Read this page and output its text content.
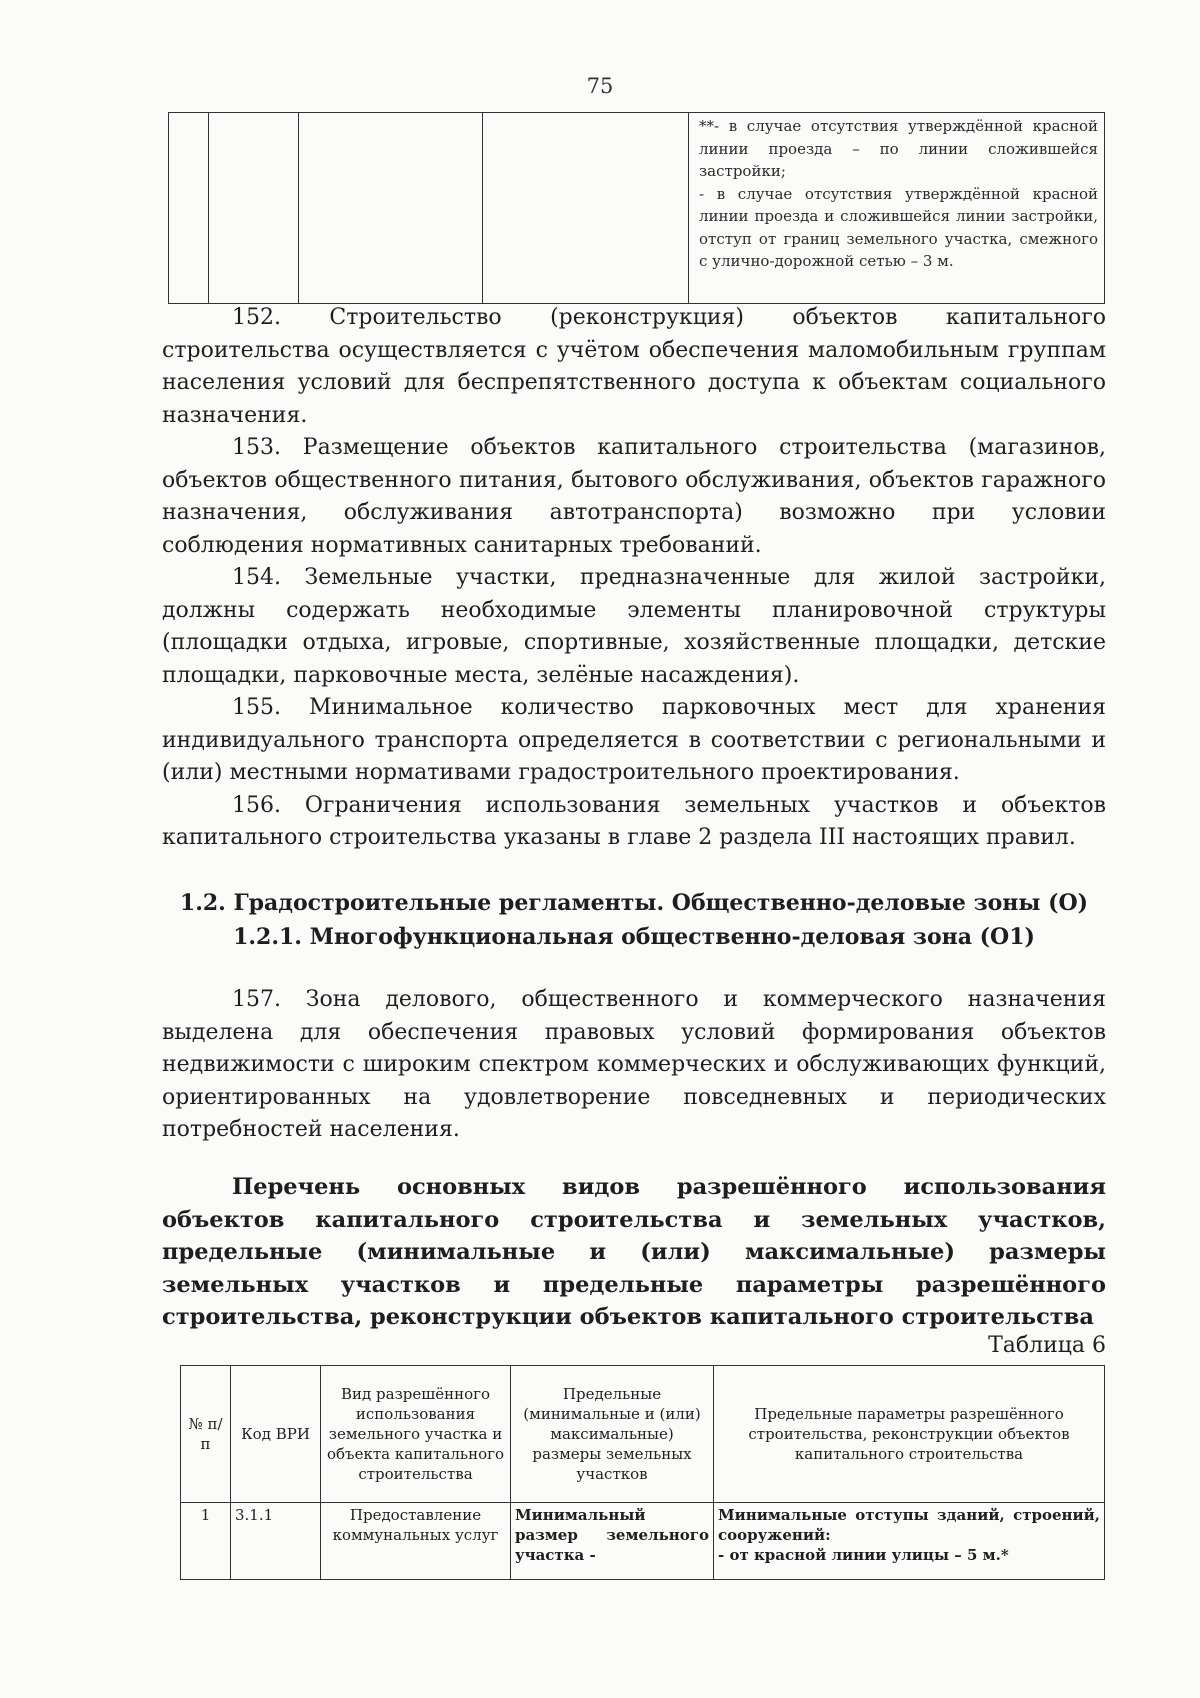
75

**- в случае отсутствия утверждённой красной линии проезда – по линии сложившейся застройки;

- в случае отсутствия утверждённой красной линии проезда и сложившейся линии застройки, отступ от границ земельного участка, смежного с улично-дорожной сетью – 3 м.

152. Строительство (реконструкция) объектов капитального строительства осуществляется с учётом обеспечения маломобильным группам населения условий для беспрепятственного доступа к объектам социального назначения.

153. Размещение объектов капитального строительства (магазинов, объектов общественного питания, бытового обслуживания, объектов гаражного назначения, обслуживания автотранспорта) возможно при условии соблюдения нормативных санитарных требований.

154. Земельные участки, предназначенные для жилой застройки, должны содержать необходимые элементы планировочной структуры (площадки отдыха, игровые, спортивные, хозяйственные площадки, детские площадки, парковочные места, зелёные насаждения).

155. Минимальное количество парковочных мест для хранения индивидуального транспорта определяется в соответствии с региональными и (или) местными нормативами градостроительного проектирования.

156. Ограничения использования земельных участков и объектов капитального строительства указаны в главе 2 раздела III настоящих правил.

1.2. Градостроительные регламенты. Общественно-деловые зоны (О)
1.2.1. Многофункциональная общественно-деловая зона (О1)

157. Зона делового, общественного и коммерческого назначения выделена для обеспечения правовых условий формирования объектов недвижимости с широким спектром коммерческих и обслуживающих функций, ориентированных на удовлетворение повседневных и периодических потребностей населения.

Перечень основных видов разрешённого использования объектов капитального строительства и земельных участков, предельные (минимальные и (или) максимальные) размеры земельных участков и предельные параметры разрешённого строительства, реконструкции объектов капитального строительства
Таблица 6
№ п/п	Код ВРИ	Вид разрешённого использования земельного участка и объекта капитального строительства	Предельные (минимальные и (или) максимальные) размеры земельных участков	Предельные параметры разрешённого строительства, реконструкции объектов капитального строительства
1	3.1.1	Предоставление коммунальных услуг	Минимальный размер земельного участка -	Минимальные отступы зданий, строений, сооружений:
- от красной линии улицы – 5 м.*
